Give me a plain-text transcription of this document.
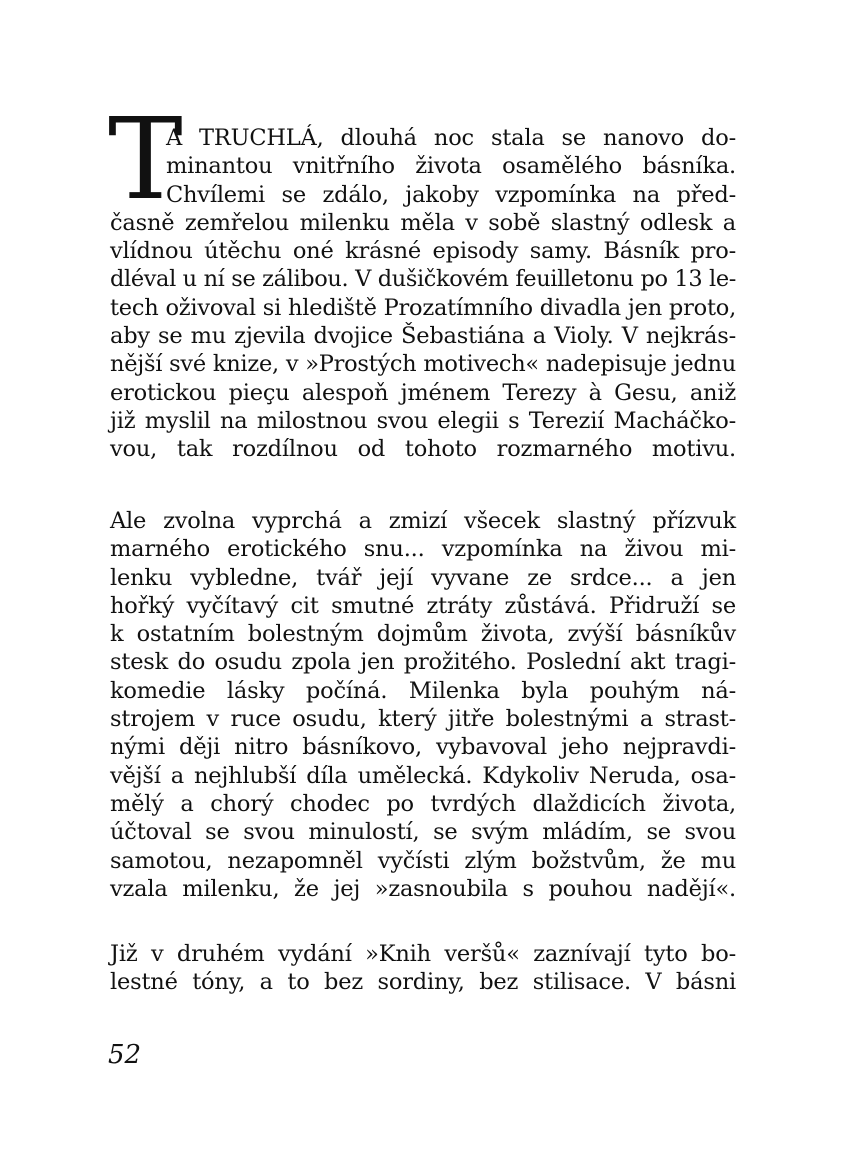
T
A TRUCHLÁ, dlouhá noc stala se nanovo do-
minantou vnitřního života osamělého básníka.
Chvílemi se zdálo, jakoby vzpomínka na před-
časně zemřelou milenku měla v sobě slastný odlesk a
vlídnou útěchu oné krásné episody samy. Básník pro-
dléval u ní se zálibou. V dušičkovém feuilletonu po 13 le-
tech oživoval si hlediště Prozatímního divadla jen proto,
aby se mu zjevila dvojice Šebastiána a Violy. V nejkrás-
nější své knize, v »Prostých motivech« nadepisuje jednu
erotickou pieçu alespoň jménem Terezy à Gesu, aniž
již myslil na milostnou svou elegii s Terezií Macháčko-
vou, tak rozdílnou od tohoto rozmarného motivu.
Ale zvolna vyprchá a zmizí všecek slastný přízvuk
marného erotického snu... vzpomínka na živou mi-
lenku vybledne, tvář její vyvane ze srdce... a jen
hořký vyčítavý cit smutné ztráty zůstává. Přidruží se
k ostatním bolestným dojmům života, zvýší básníkův
stesk do osudu zpola jen prožitého. Poslední akt tragi-
komedie lásky počíná. Milenka byla pouhým ná-
strojem v ruce osudu, který jitře bolestnými a strast-
nými ději nitro básníkovo, vybavoval jeho nejpravdi-
vější a nejhlubší díla umělecká. Kdykoliv Neruda, osa-
mělý a chorý chodec po tvrdých dlaždicích života,
účtoval se svou minulostí, se svým mládím, se svou
samotou, nezapomněl vyčísti zlým božstvům, že mu
vzala milenku, že jej »zasnoubila s pouhou nadějí«.
Již v druhém vydání »Knih veršů« zaznívají tyto bo-
lestné tóny, a to bez sordiny, bez stilisace. V básni
52
